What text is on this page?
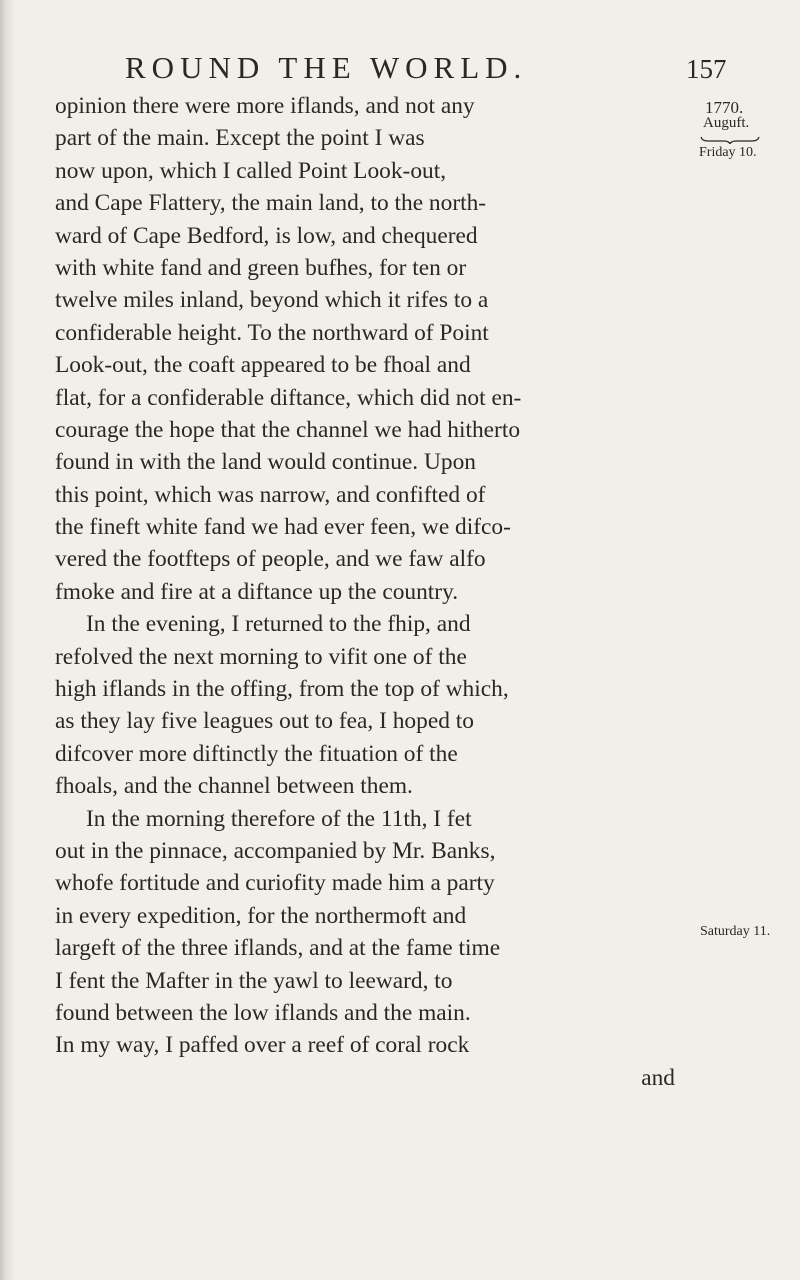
ROUND THE WORLD.	157
1770.
Auguft.
Friday 10.
Saturday 11.
opinion there were more iflands, and not any
part of the main. Except the point I was
now upon, which I called Point Look-out,
and Cape Flattery, the main land, to the north-
ward of Cape Bedford, is low, and chequered
with white fand and green bufhes, for ten or
twelve miles inland, beyond which it rifes to a
confiderable height. To the northward of Point
Look-out, the coaft appeared to be fhoal and
flat, for a confiderable diftance, which did not en-
courage the hope that the channel we had hitherto
found in with the land would continue. Upon
this point, which was narrow, and confifted of
the fineft white fand we had ever feen, we difco-
vered the footfteps of people, and we faw alfo
fmoke and fire at a diftance up the country.
In the evening, I returned to the fhip, and
refolved the next morning to vifit one of the
high iflands in the offing, from the top of which,
as they lay five leagues out to fea, I hoped to
difcover more diftinctly the fituation of the
fhoals, and the channel between them.
In the morning therefore of the 11th, I fet
out in the pinnace, accompanied by Mr. Banks,
whofe fortitude and curiofity made him a party
in every expedition, for the northermoft and
largeft of the three iflands, and at the fame time
I fent the Mafter in the yawl to leeward, to
found between the low iflands and the main.
In my way, I paffed over a reef of coral rock
and
